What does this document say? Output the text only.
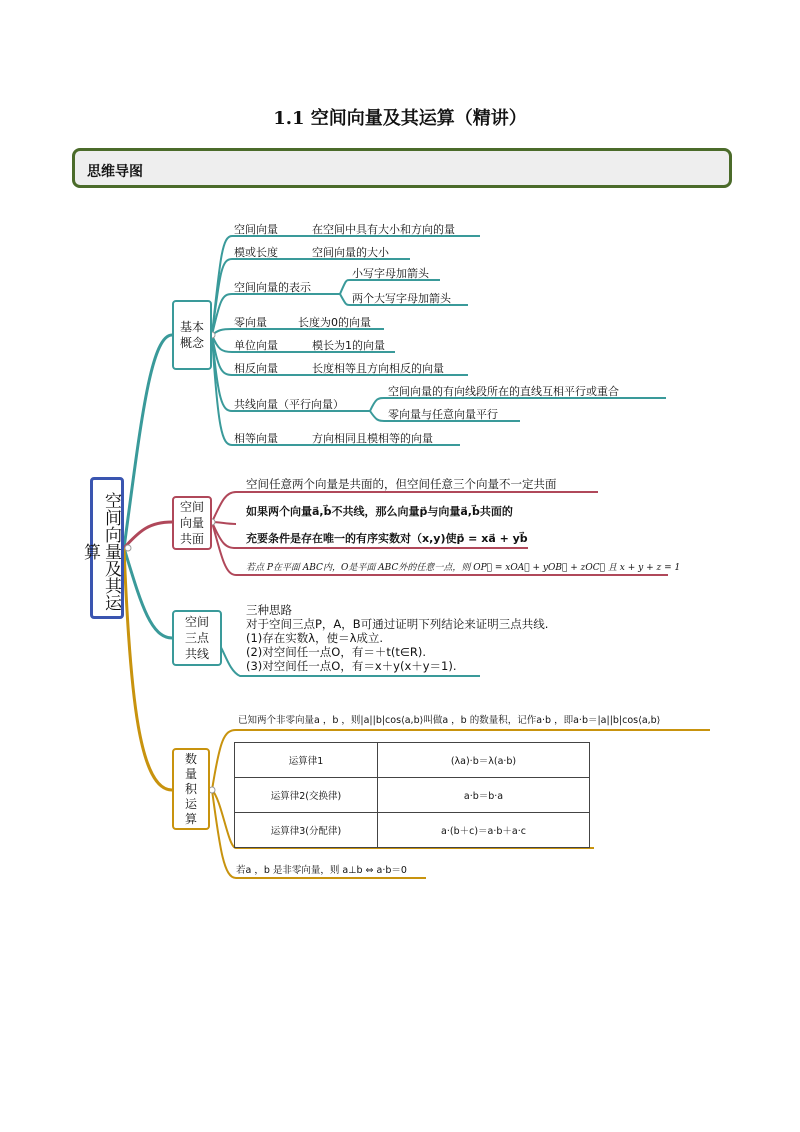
1.1 空间向量及其运算（精讲）
思维导图
空间向量及其运算
基本
概念
空间向量	在空间中具有大小和方向的量
模或长度	空间向量的大小
空间向量的表示
小写字母加箭头
两个大写字母加箭头
零向量	长度为0的向量
单位向量	模长为1的向量
相反向量	长度相等且方向相反的向量
共线向量（平行向量）
空间向量的有向线段所在的直线互相平行或重合
零向量与任意向量平行
相等向量	方向相同且模相等的向量
空间
向量
共面
空间任意两个向量是共面的，但空间任意三个向量不一定共面
如果两个向量a⃗,b⃗不共线，那么向量p⃗与向量a⃗,b⃗共面的
充要条件是存在唯一的有序实数对（x,y)使p⃗ = xa⃗ + yb⃗
若点 P在平面 ABC内，O是平面 ABC外的任意一点，则 OP⃗ = xOA⃗ + yOB⃗ + zOC⃗ 且 x + y + z = 1
空间
三点
共线
三种思路
对于空间三点P，A，B可通过证明下列结论来证明三点共线.
(1)存在实数λ，使＝λ成立.
(2)对空间任一点O，有＝＋t(t∈R).
(3)对空间任一点O，有＝x＋y(x＋y＝1).
数
量
积
运
算
已知两个非零向量a ，b ，则|a||b|cos⟨a,b⟩叫做a ，b 的数量积，记作a·b ，即a·b＝|a||b|cos⟨a,b⟩
运算律1	(λa)·b＝λ(a·b)
运算律2(交换律)	a·b＝b·a
运算律3(分配律)	a·(b＋c)＝a·b＋a·c
若a ，b 是非零向量，则 a⊥b ⇔ a·b＝0
